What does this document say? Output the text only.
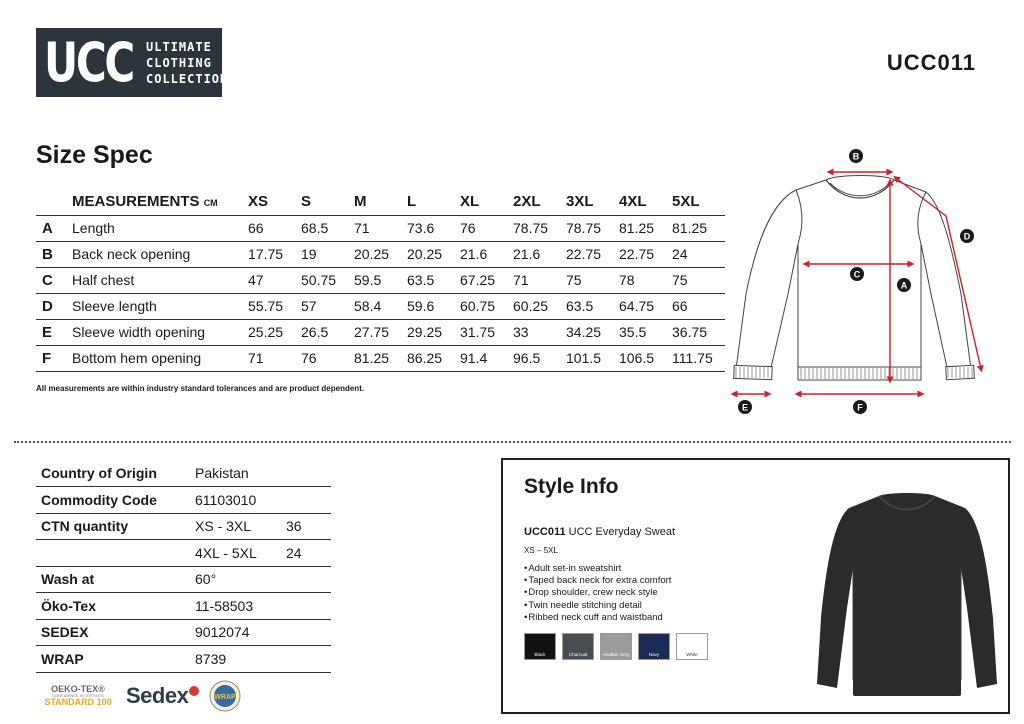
UCC ULTIMATE
CLOTHING
COLLECTION
UCC011
Size Spec
	MEASUREMENTS CM	XS	S	M	L	XL	2XL	3XL	4XL	5XL
A	Length	66	68.5	71	73.6	76	78.75	78.75	81.25	81.25
B	Back neck opening	17.75	19	20.25	20.25	21.6	21.6	22.75	22.75	24
C	Half chest	47	50.75	59.5	63.5	67.25	71	75	78	75
D	Sleeve length	55.75	57	58.4	59.6	60.75	60.25	63.5	64.75	66
E	Sleeve width opening	25.25	26.5	27.75	29.25	31.75	33	34.25	35.5	36.75
F	Bottom hem opening	71	76	81.25	86.25	91.4	96.5	101.5	106.5	111.75
All measurements are within industry standard tolerances and are product dependent.
B
C
A
D
E	F
Country of Origin	Pakistan	
Commodity Code	61103010	
CTN quantity	XS - 3XL	36
	4XL - 5XL	24
Wash at	60°	
Öko-Tex	11-58503	
SEDEX	9012074	
WRAP	8739	
OEKO-TEX®
CONFIDENCE IN TEXTILES
STANDARD 100 Sedex	WRAP
Style Info
UCC011 UCC Everyday Sweat
XS – 5XL
• Adult set-in sweatshirt
• Taped back neck for extra comfort
• Drop shoulder, crew neck style
• Twin needle stitching detail
• Ribbed neck cuff and waistband
Black	Charcoal	Heather Grey	Navy	White
